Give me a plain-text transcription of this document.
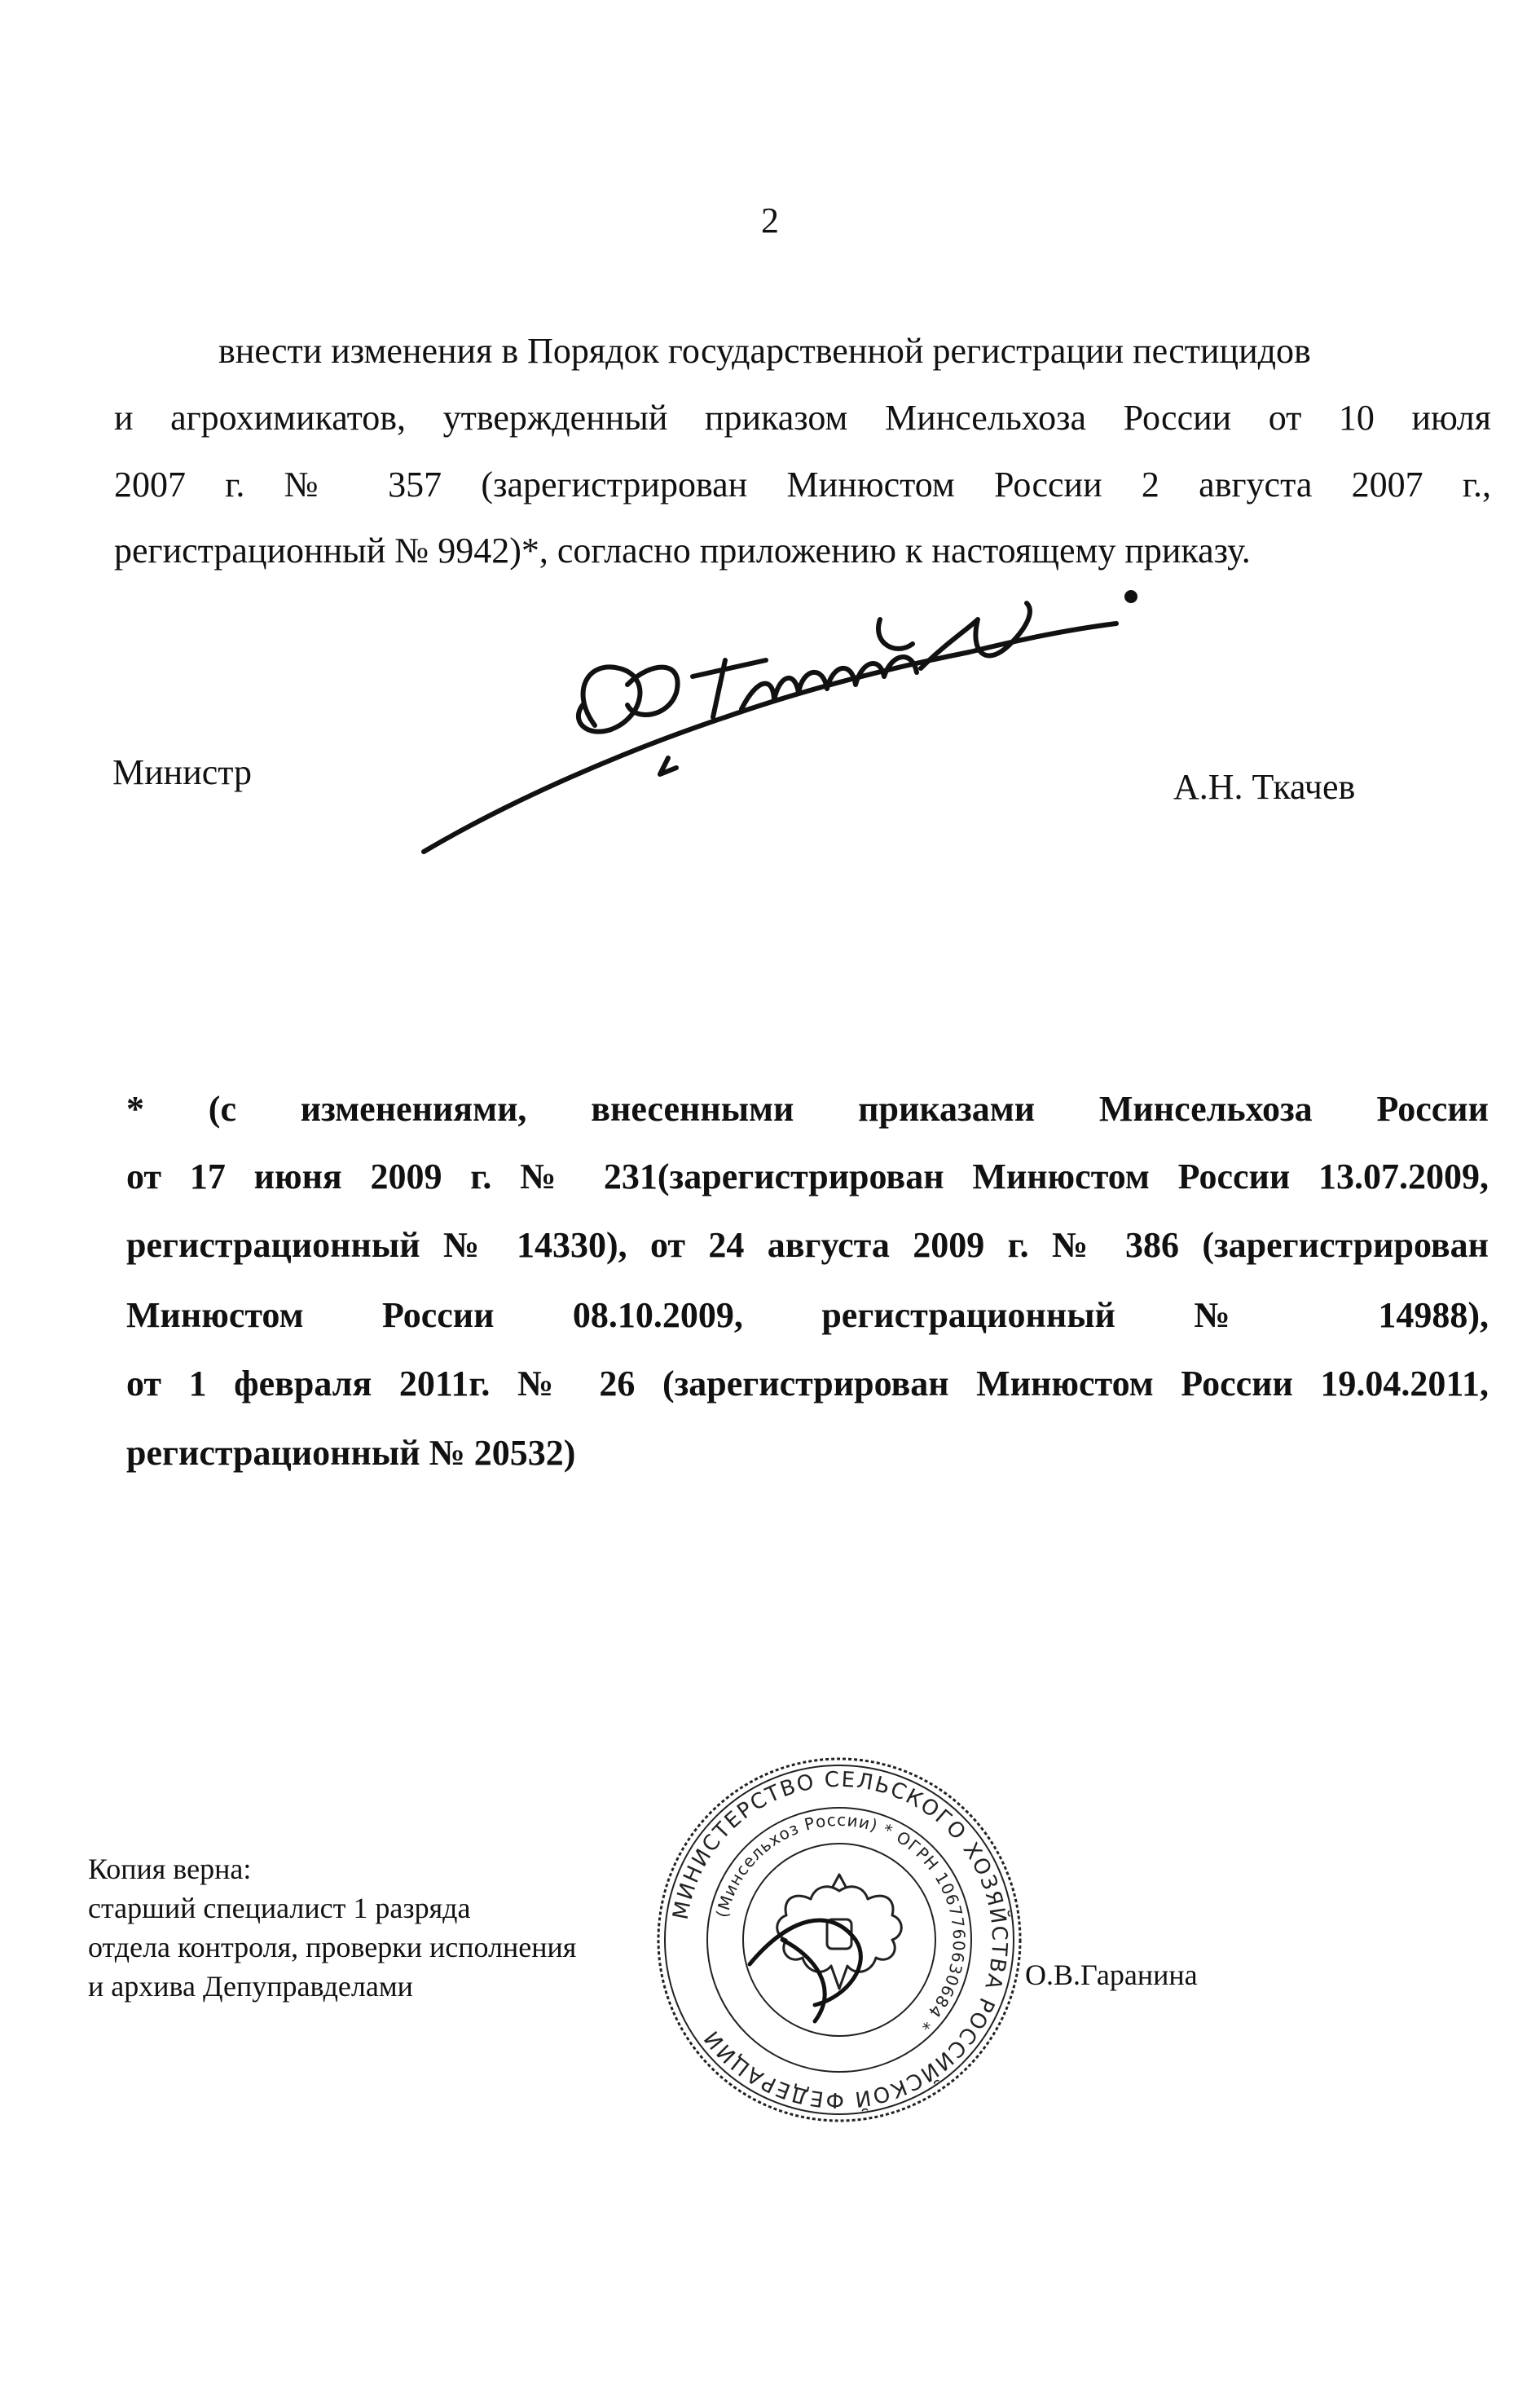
2
внести изменения в Порядок государственной регистрации пестицидов
и агрохимикатов, утвержденный приказом Минсельхоза России от 10 июля
2007 г. № 357 (зарегистрирован Минюстом России 2 августа 2007 г.,
регистрационный № 9942)*, согласно приложению к настоящему приказу.
Министр	А.Н. Ткачев
* (с изменениями, внесенными приказами Минсельхоза России
от 17 июня 2009 г. № 231(зарегистрирован Минюстом России 13.07.2009,
регистрационный № 14330), от 24 августа 2009 г. № 386 (зарегистрирован
Минюстом России 08.10.2009, регистрационный № 14988),
от 1 февраля 2011г. № 26 (зарегистрирован Минюстом России 19.04.2011,
регистрационный № 20532)
Копия верна:
старший специалист 1 разряда
отдела контроля, проверки исполнения
и архива Депуправделами	О.В.Гаранина
МИНИСТЕРСТВО СЕЛЬСКОГО ХОЗЯЙСТВА РОССИЙСКОЙ ФЕДЕРАЦИИ
(Минсельхоз России) * ОГРН 1067760630684 *
